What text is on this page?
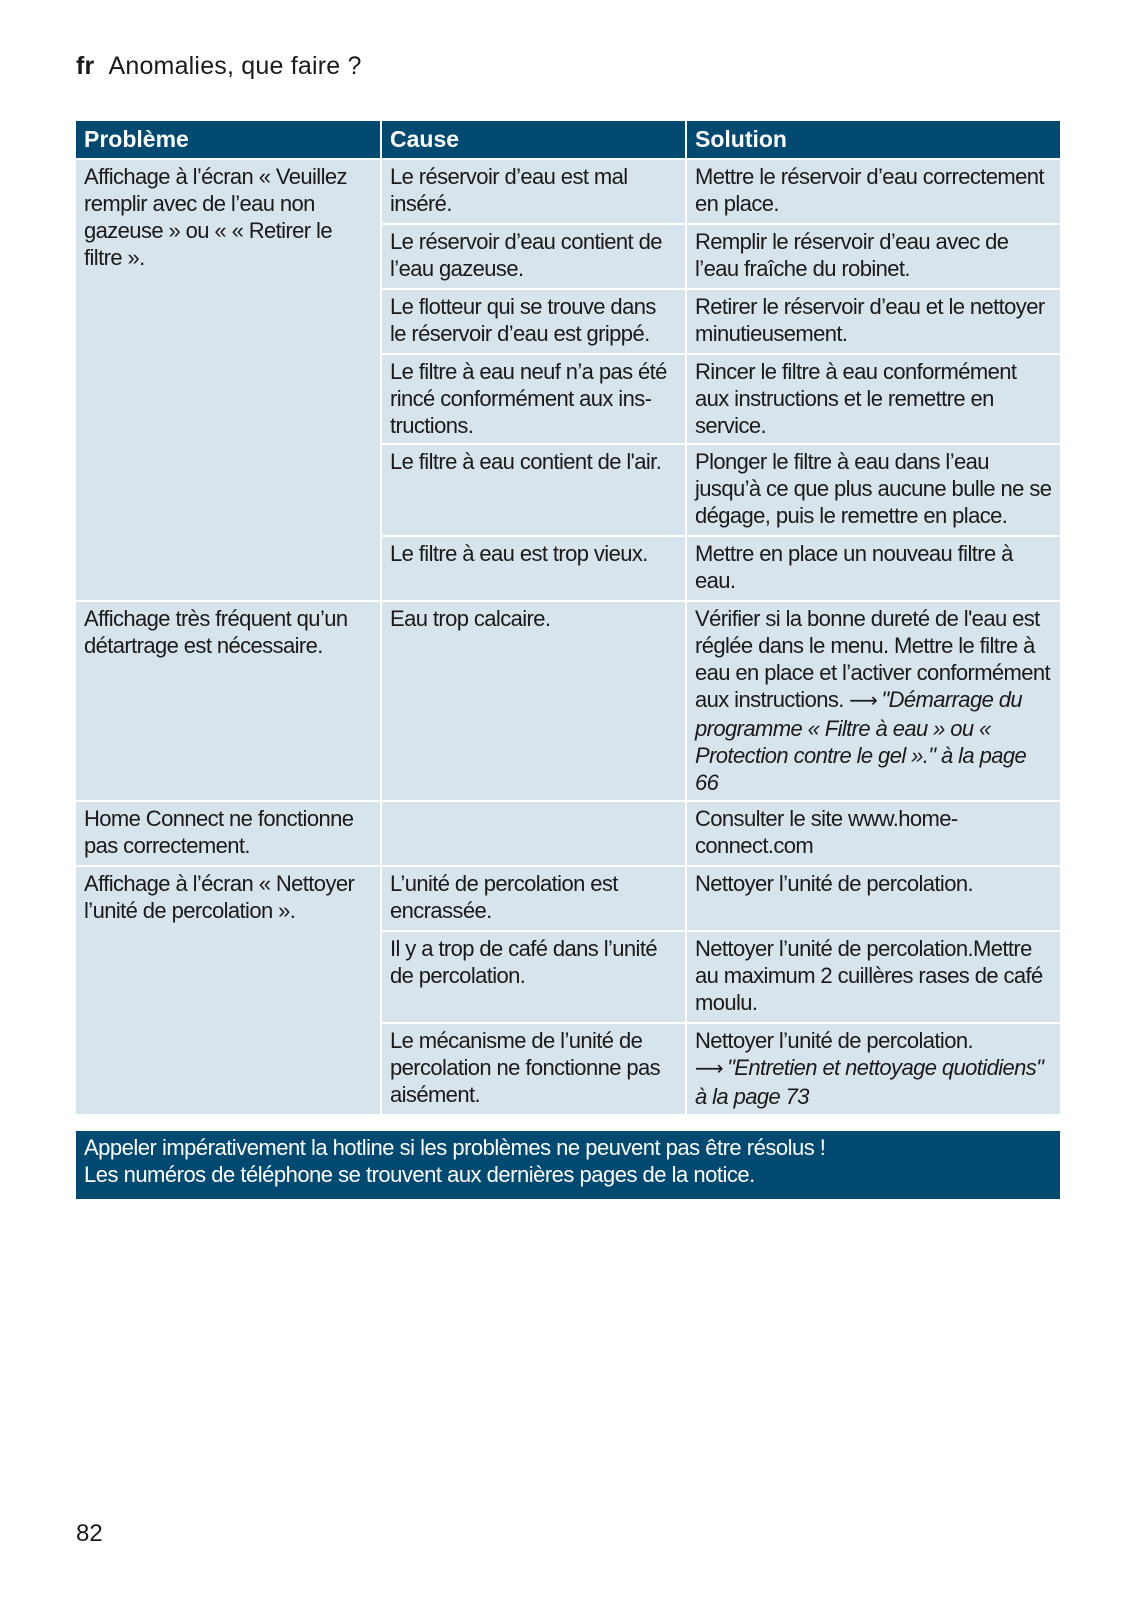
fr Anomalies, que faire ?
Problème	Cause	Solution
Affichage à l’écran « Veuillez remplir avec de l’eau non gazeuse » ou « « Retirer le filtre ».	Le réservoir d’eau est mal inséré.	Mettre le réservoir d’eau correctement en place.
	Le réservoir d’eau contient de l’eau gazeuse.	Remplir le réservoir d’eau avec de l’eau fraîche du robinet.
	Le flotteur qui se trouve dans le réservoir d’eau est grippé.	Retirer le réservoir d’eau et le nettoyer minutieusement.
	Le filtre à eau neuf n’a pas été rincé conformément aux ins-tructions.	Rincer le filtre à eau conformément aux instructions et le remettre en service.
	Le filtre à eau contient de l'air.	Plonger le filtre à eau dans l’eau jusqu’à ce que plus aucune bulle ne se dégage, puis le remettre en place.
	Le filtre à eau est trop vieux.	Mettre en place un nouveau filtre à eau.
Affichage très fréquent qu’un détartrage est nécessaire.	Eau trop calcaire.	Vérifier si la bonne dureté de l'eau est réglée dans le menu. Mettre le filtre à eau en place et l’activer conformément aux instructions. ⟶ "Démarrage du programme « Filtre à eau » ou « Protection contre le gel »." à la page 66
Home Connect ne fonctionne pas correctement.		Consulter le site www.home-connect.com
Affichage à l’écran « Nettoyer l’unité de percolation ».	L’unité de percolation est encrassée.	Nettoyer l’unité de percolation.
	Il y a trop de café dans l’unité de percolation.	Nettoyer l’unité de percolation.Mettre au maximum 2 cuillères rases de café moulu.
	Le mécanisme de l’unité de percolation ne fonctionne pas aisément.	Nettoyer l’unité de percolation. ⟶ "Entretien et nettoyage quotidiens" à la page 73
Appeler impérativement la hotline si les problèmes ne peuvent pas être résolus !
Les numéros de téléphone se trouvent aux dernières pages de la notice.
82
